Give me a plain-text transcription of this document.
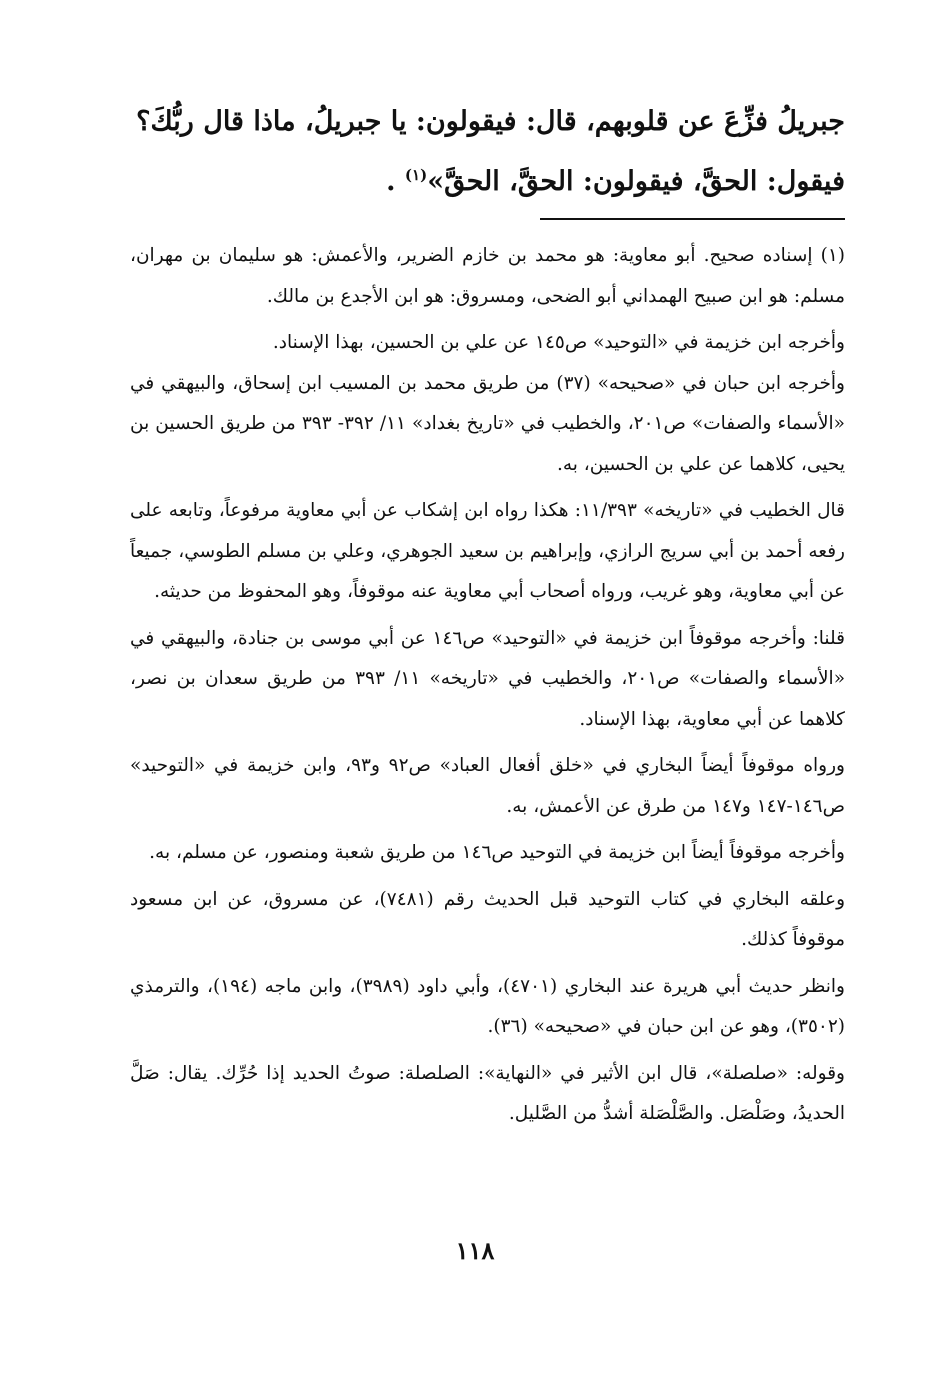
جبريلُ فزِّعَ عن قلوبهم، قال: فيقولون: يا جبريلُ، ماذا قال ربُّكَ؟

فيقول: الحقَّ، فيقولون: الحقَّ، الحقَّ»$^{(١)}$ .

(١) إسناده صحيح. أبو معاوية: هو محمد بن خازم الضرير، والأعمش: هو سليمان بن مهران، مسلم: هو ابن صبيح الهمداني أبو الضحى، ومسروق: هو ابن الأجدع بن مالك.

وأخرجه ابن خزيمة في «التوحيد» ص١٤٥ عن علي بن الحسين، بهذا الإسناد.

وأخرجه ابن حبان في «صحيحه» (٣٧) من طريق محمد بن المسيب ابن إسحاق، والبيهقي في «الأسماء والصفات» ص٢٠١، والخطيب في «تاريخ بغداد» ١١/ ٣٩٢- ٣٩٣ من طريق الحسين بن يحيى، كلاهما عن علي بن الحسين، به.

قال الخطيب في «تاريخه» ١١/٣٩٣: هكذا رواه ابن إشكاب عن أبي معاوية مرفوعاً، وتابعه على رفعه أحمد بن أبي سريج الرازي، وإبراهيم بن سعيد الجوهري، وعلي بن مسلم الطوسي، جميعاً عن أبي معاوية، وهو غريب، ورواه أصحاب أبي معاوية عنه موقوفاً، وهو المحفوظ من حديثه.

قلنا: وأخرجه موقوفاً ابن خزيمة في «التوحيد» ص١٤٦ عن أبي موسى بن جنادة، والبيهقي في «الأسماء والصفات» ص٢٠١، والخطيب في «تاريخه» ١١/ ٣٩٣ من طريق سعدان بن نصر، كلاهما عن أبي معاوية، بهذا الإسناد.

ورواه موقوفاً أيضاً البخاري في «خلق أفعال العباد» ص٩٢ و٩٣، وابن خزيمة في «التوحيد» ص١٤٦-١٤٧ و١٤٧ من طرق عن الأعمش، به.

وأخرجه موقوفاً أيضاً ابن خزيمة في التوحيد ص١٤٦ من طريق شعبة ومنصور، عن مسلم، به.

وعلقه البخاري في كتاب التوحيد قبل الحديث رقم (٧٤٨١)، عن مسروق، عن ابن مسعود موقوفاً كذلك.

وانظر حديث أبي هريرة عند البخاري (٤٧٠١)، وأبي داود (٣٩٨٩)، وابن ماجه (١٩٤)، والترمذي (٣٥٠٢)، وهو عن ابن حبان في «صحيحه» (٣٦).

وقوله: «صلصلة»، قال ابن الأثير في «النهاية»: الصلصلة: صوتُ الحديد إذا حُرِّك. يقال: صَلَّ الحديدُ، وصَلْصَل. والصَّلْصَلة أشدُّ من الصَّليل.

١١٨
